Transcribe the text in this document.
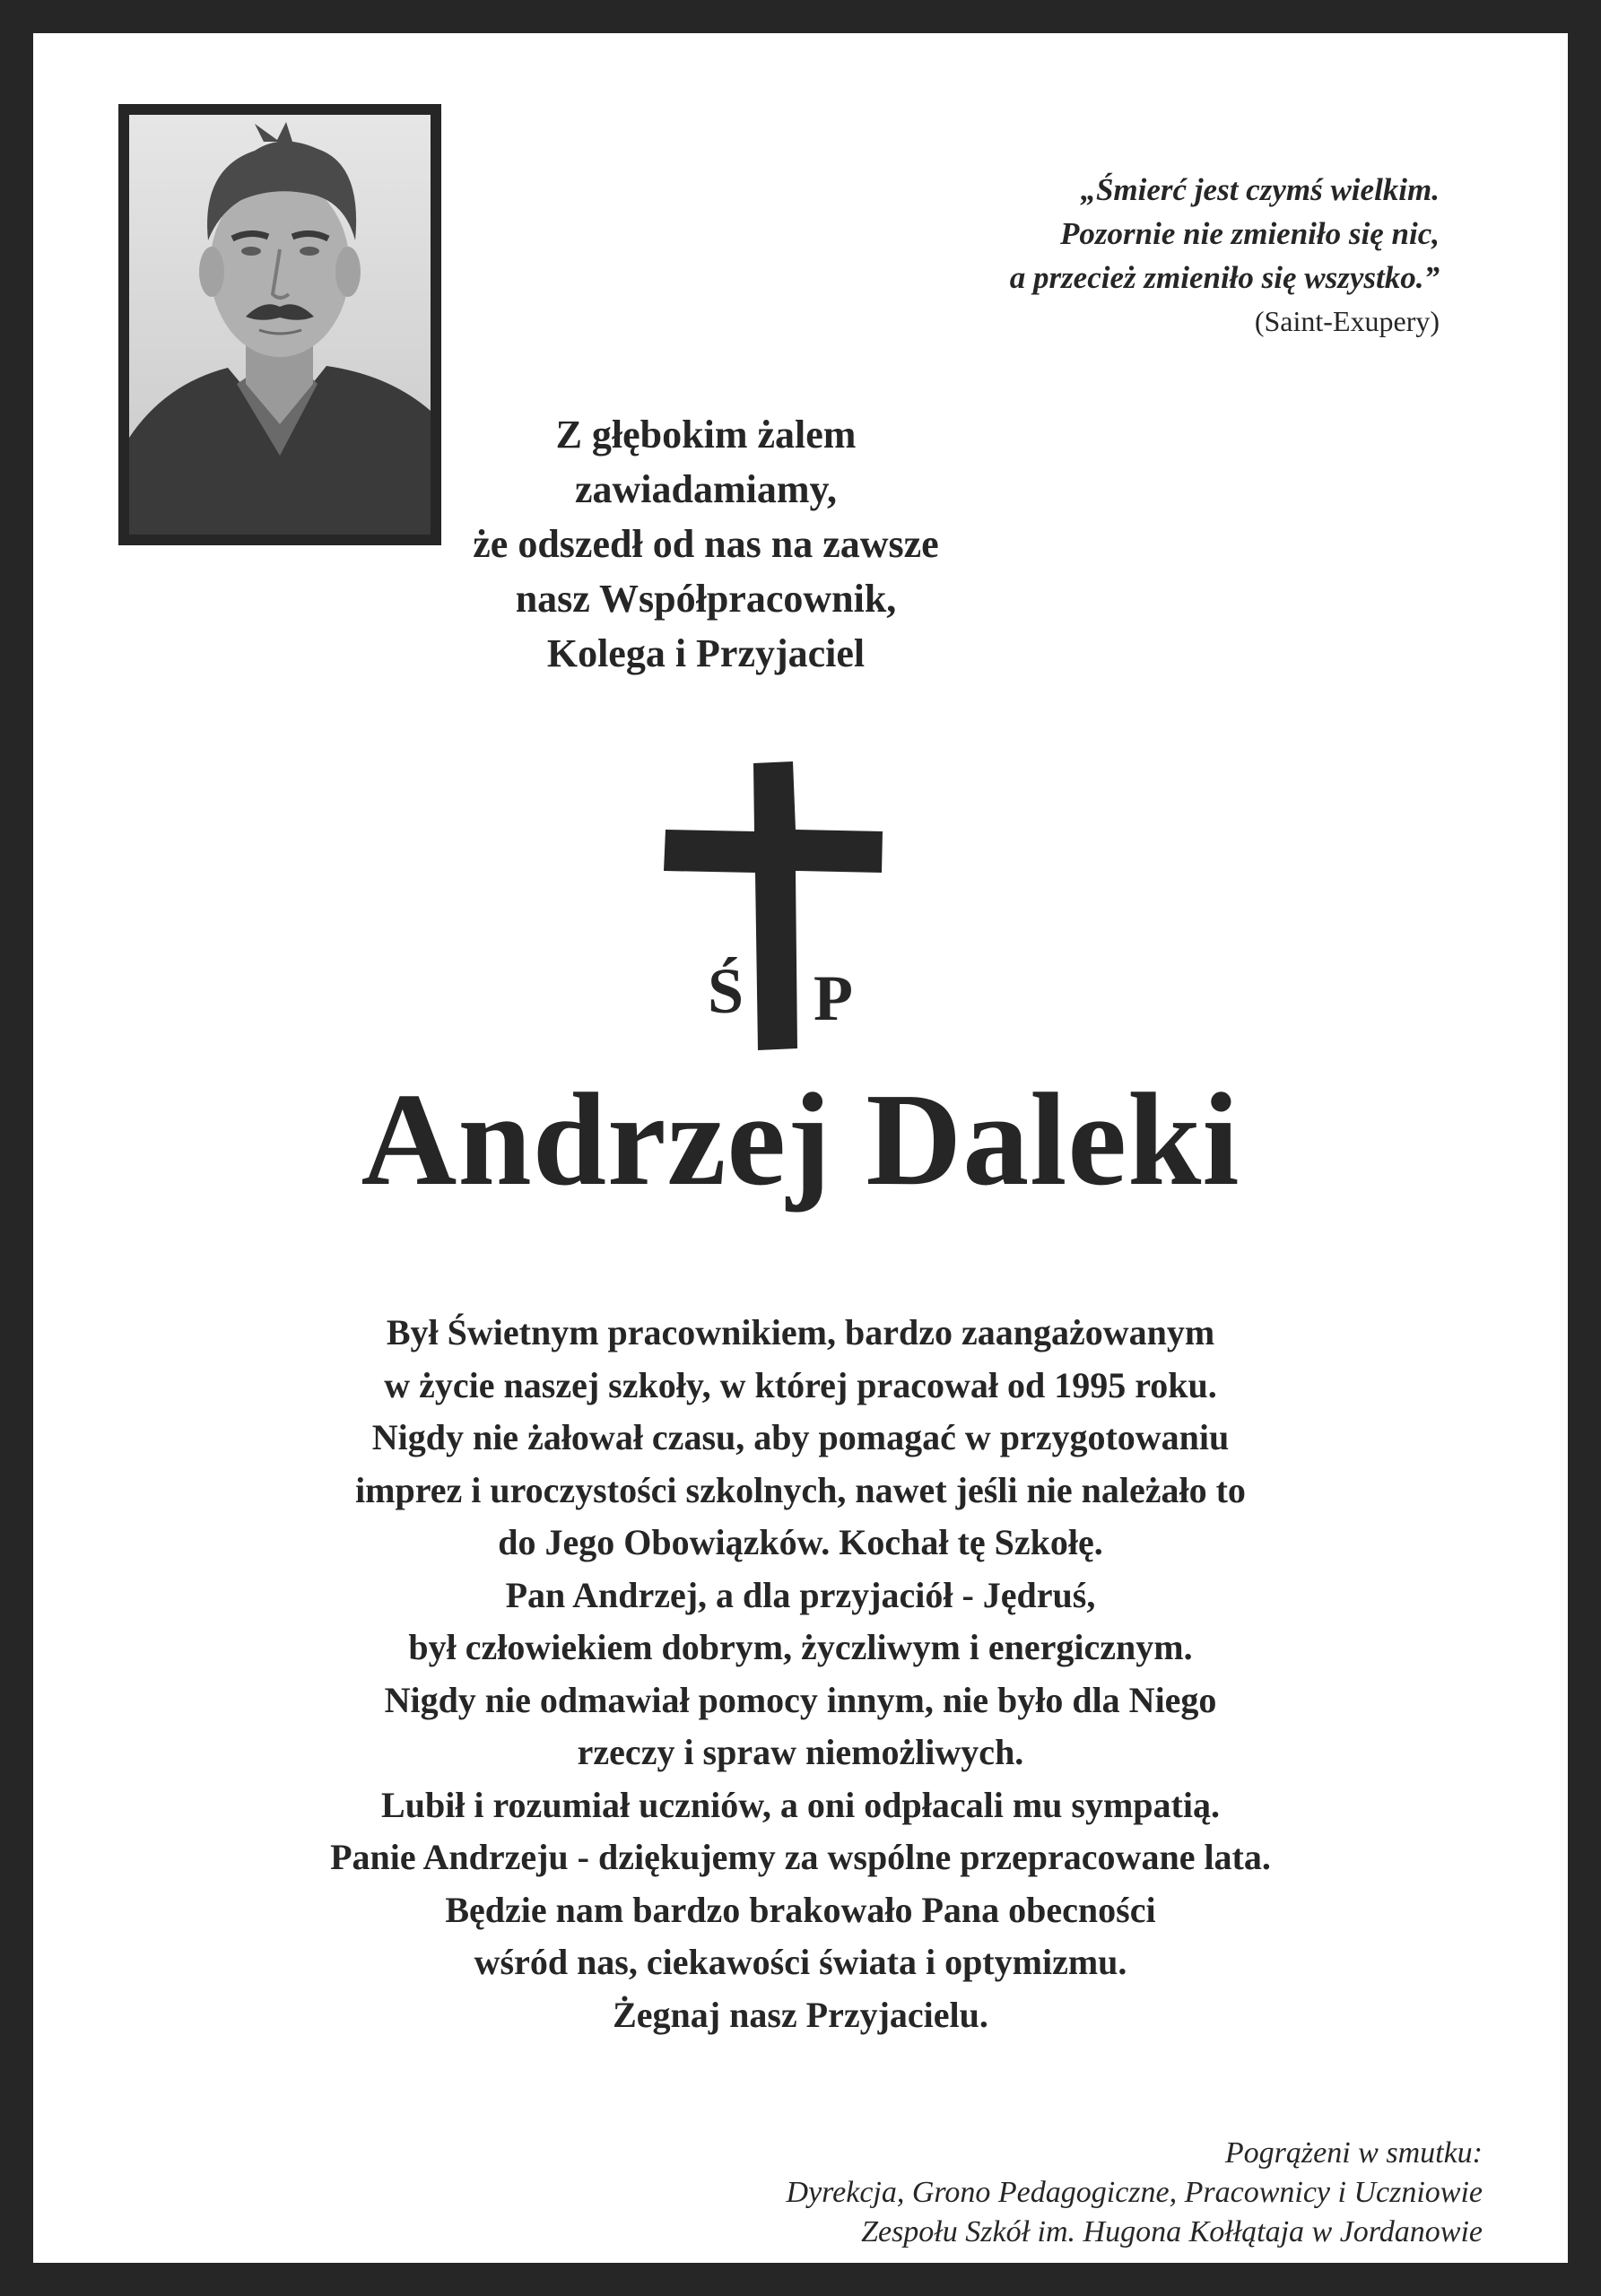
„Śmierć jest czymś wielkim.
Pozornie nie zmieniło się nic,
a przecież zmieniło się wszystko.”
(Saint-Exupery)
Z głębokim żalem
zawiadamiamy,
że odszedł od nas na zawsze
nasz Współpracownik,
Kolega i Przyjaciel
Ś P
Andrzej Daleki
Był Świetnym pracownikiem, bardzo zaangażowanym
w życie naszej szkoły, w której pracował od 1995 roku.
Nigdy nie żałował czasu, aby pomagać w przygotowaniu
imprez i uroczystości szkolnych, nawet jeśli nie należało to
do Jego Obowiązków. Kochał tę Szkołę.
Pan Andrzej, a dla przyjaciół - Jędruś,
był człowiekiem dobrym, życzliwym i energicznym.
Nigdy nie odmawiał pomocy innym, nie było dla Niego
rzeczy i spraw niemożliwych.
Lubił i rozumiał uczniów, a oni odpłacali mu sympatią.
Panie Andrzeju - dziękujemy za wspólne przepracowane lata.
Będzie nam bardzo brakowało Pana obecności
wśród nas, ciekawości świata i optymizmu.
Żegnaj nasz Przyjacielu.
Pogrążeni w smutku:
Dyrekcja, Grono Pedagogiczne, Pracownicy i Uczniowie
Zespołu Szkół im. Hugona Kołłątaja w Jordanowie
